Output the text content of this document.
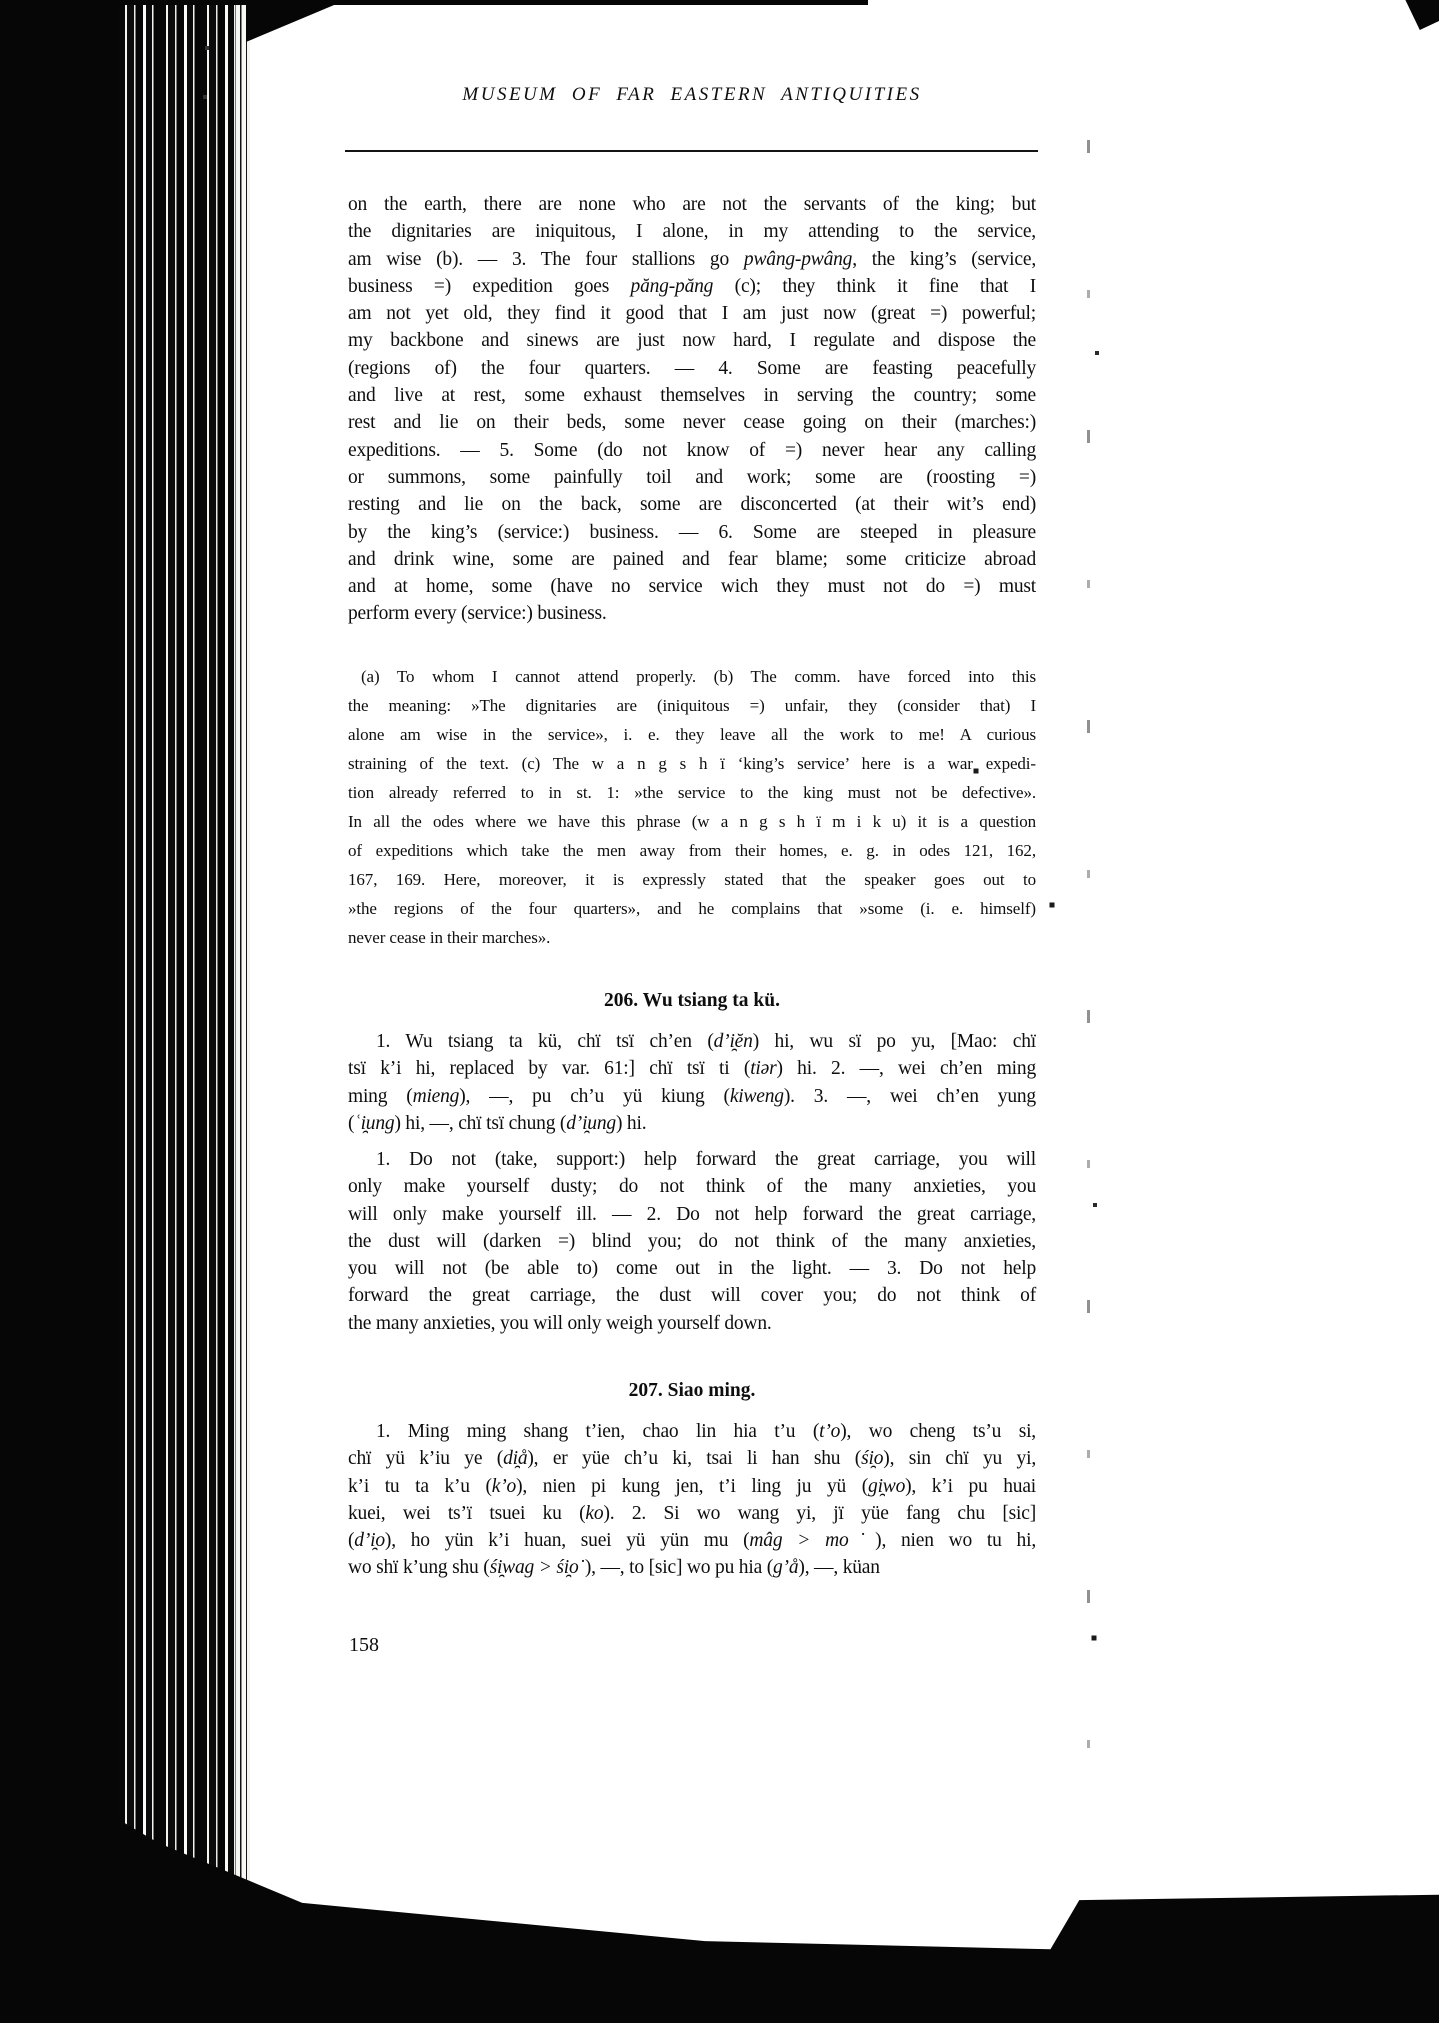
MUSEUM OF FAR EASTERN ANTIQUITIES
on the earth, there are none who are not the servants of the king; but
the dignitaries are iniquitous, I alone, in my attending to the service,
am wise (b). — 3. The four stallions go pwâng-pwâng, the king’s (service,
business =) expedition goes păng-păng (c); they think it fine that I
am not yet old, they find it good that I am just now (great =) powerful;
my backbone and sinews are just now hard, I regulate and dispose the
(regions of) the four quarters. — 4. Some are feasting peacefully
and live at rest, some exhaust themselves in serving the country; some
rest and lie on their beds, some never cease going on their (marches:)
expeditions. — 5. Some (do not know of =) never hear any calling
or summons, some painfully toil and work; some are (roosting =)
resting and lie on the back, some are disconcerted (at their wit’s end)
by the king’s (service:) business. — 6. Some are steeped in pleasure
and drink wine, some are pained and fear blame; some criticize abroad
and at home, some (have no service wich they must not do =) must
perform every (service:) business.
(a) To whom I cannot attend properly. (b) The comm. have forced into this
the meaning: »The dignitaries are (iniquitous =) unfair, they (consider that) I
alone am wise in the service», i. e. they leave all the work to me! A curious
straining of the text. (c) The w a n g s h ï ‘king’s service’ here is a war expedi-
tion already referred to in st. 1: »the service to the king must not be defective».
In all the odes where we have this phrase (w a n g s h ï m i k u) it is a question
of expeditions which take the men away from their homes, e. g. in odes 121, 162,
167, 169. Here, moreover, it is expressly stated that the speaker goes out to
»the regions of the four quarters», and he complains that »some (i. e. himself)
never cease in their marches».
206. Wu tsiang ta kü.
1. Wu tsiang ta kü, chï tsï ch’en (d’i̯ĕn) hi, wu sï po yu, [Mao: chï
tsï k’i hi, replaced by var. 61:] chï tsï ti (tiər) hi. 2. —, wei ch’en ming
ming (mieng), —, pu ch’u yü kiung (kiweng). 3. —, wei ch’en yung
(ʿi̯ung) hi, —, chï tsï chung (d’i̯ung) hi.
1. Do not (take, support:) help forward the great carriage, you will
only make yourself dusty; do not think of the many anxieties, you
will only make yourself ill. — 2. Do not help forward the great carriage,
the dust will (darken =) blind you; do not think of the many anxieties,
you will not (be able to) come out in the light. — 3. Do not help
forward the great carriage, the dust will cover you; do not think of
the many anxieties, you will only weigh yourself down.
207. Siao ming.
1. Ming ming shang t’ien, chao lin hia t’u (t’o), wo cheng ts’u si,
chï yü k’iu ye (di̯å), er yüe ch’u ki, tsai li han shu (śi̯o), sin chï yu yi,
k’i tu ta k’u (k’o), nien pi kung jen, t’i ling ju yü (gi̯wo), k’i pu huai
kuei, wei ts’ï tsuei ku (ko). 2. Si wo wang yi, jï yüe fang chu [sic]
(d’i̯o), ho yün k’i huan, suei yü yün mu (mâg > mo˙), nien wo tu hi,
wo shï k’ung shu (śi̯wag > śi̯o˙), —, to [sic] wo pu hia (g’å), —, küan
158
